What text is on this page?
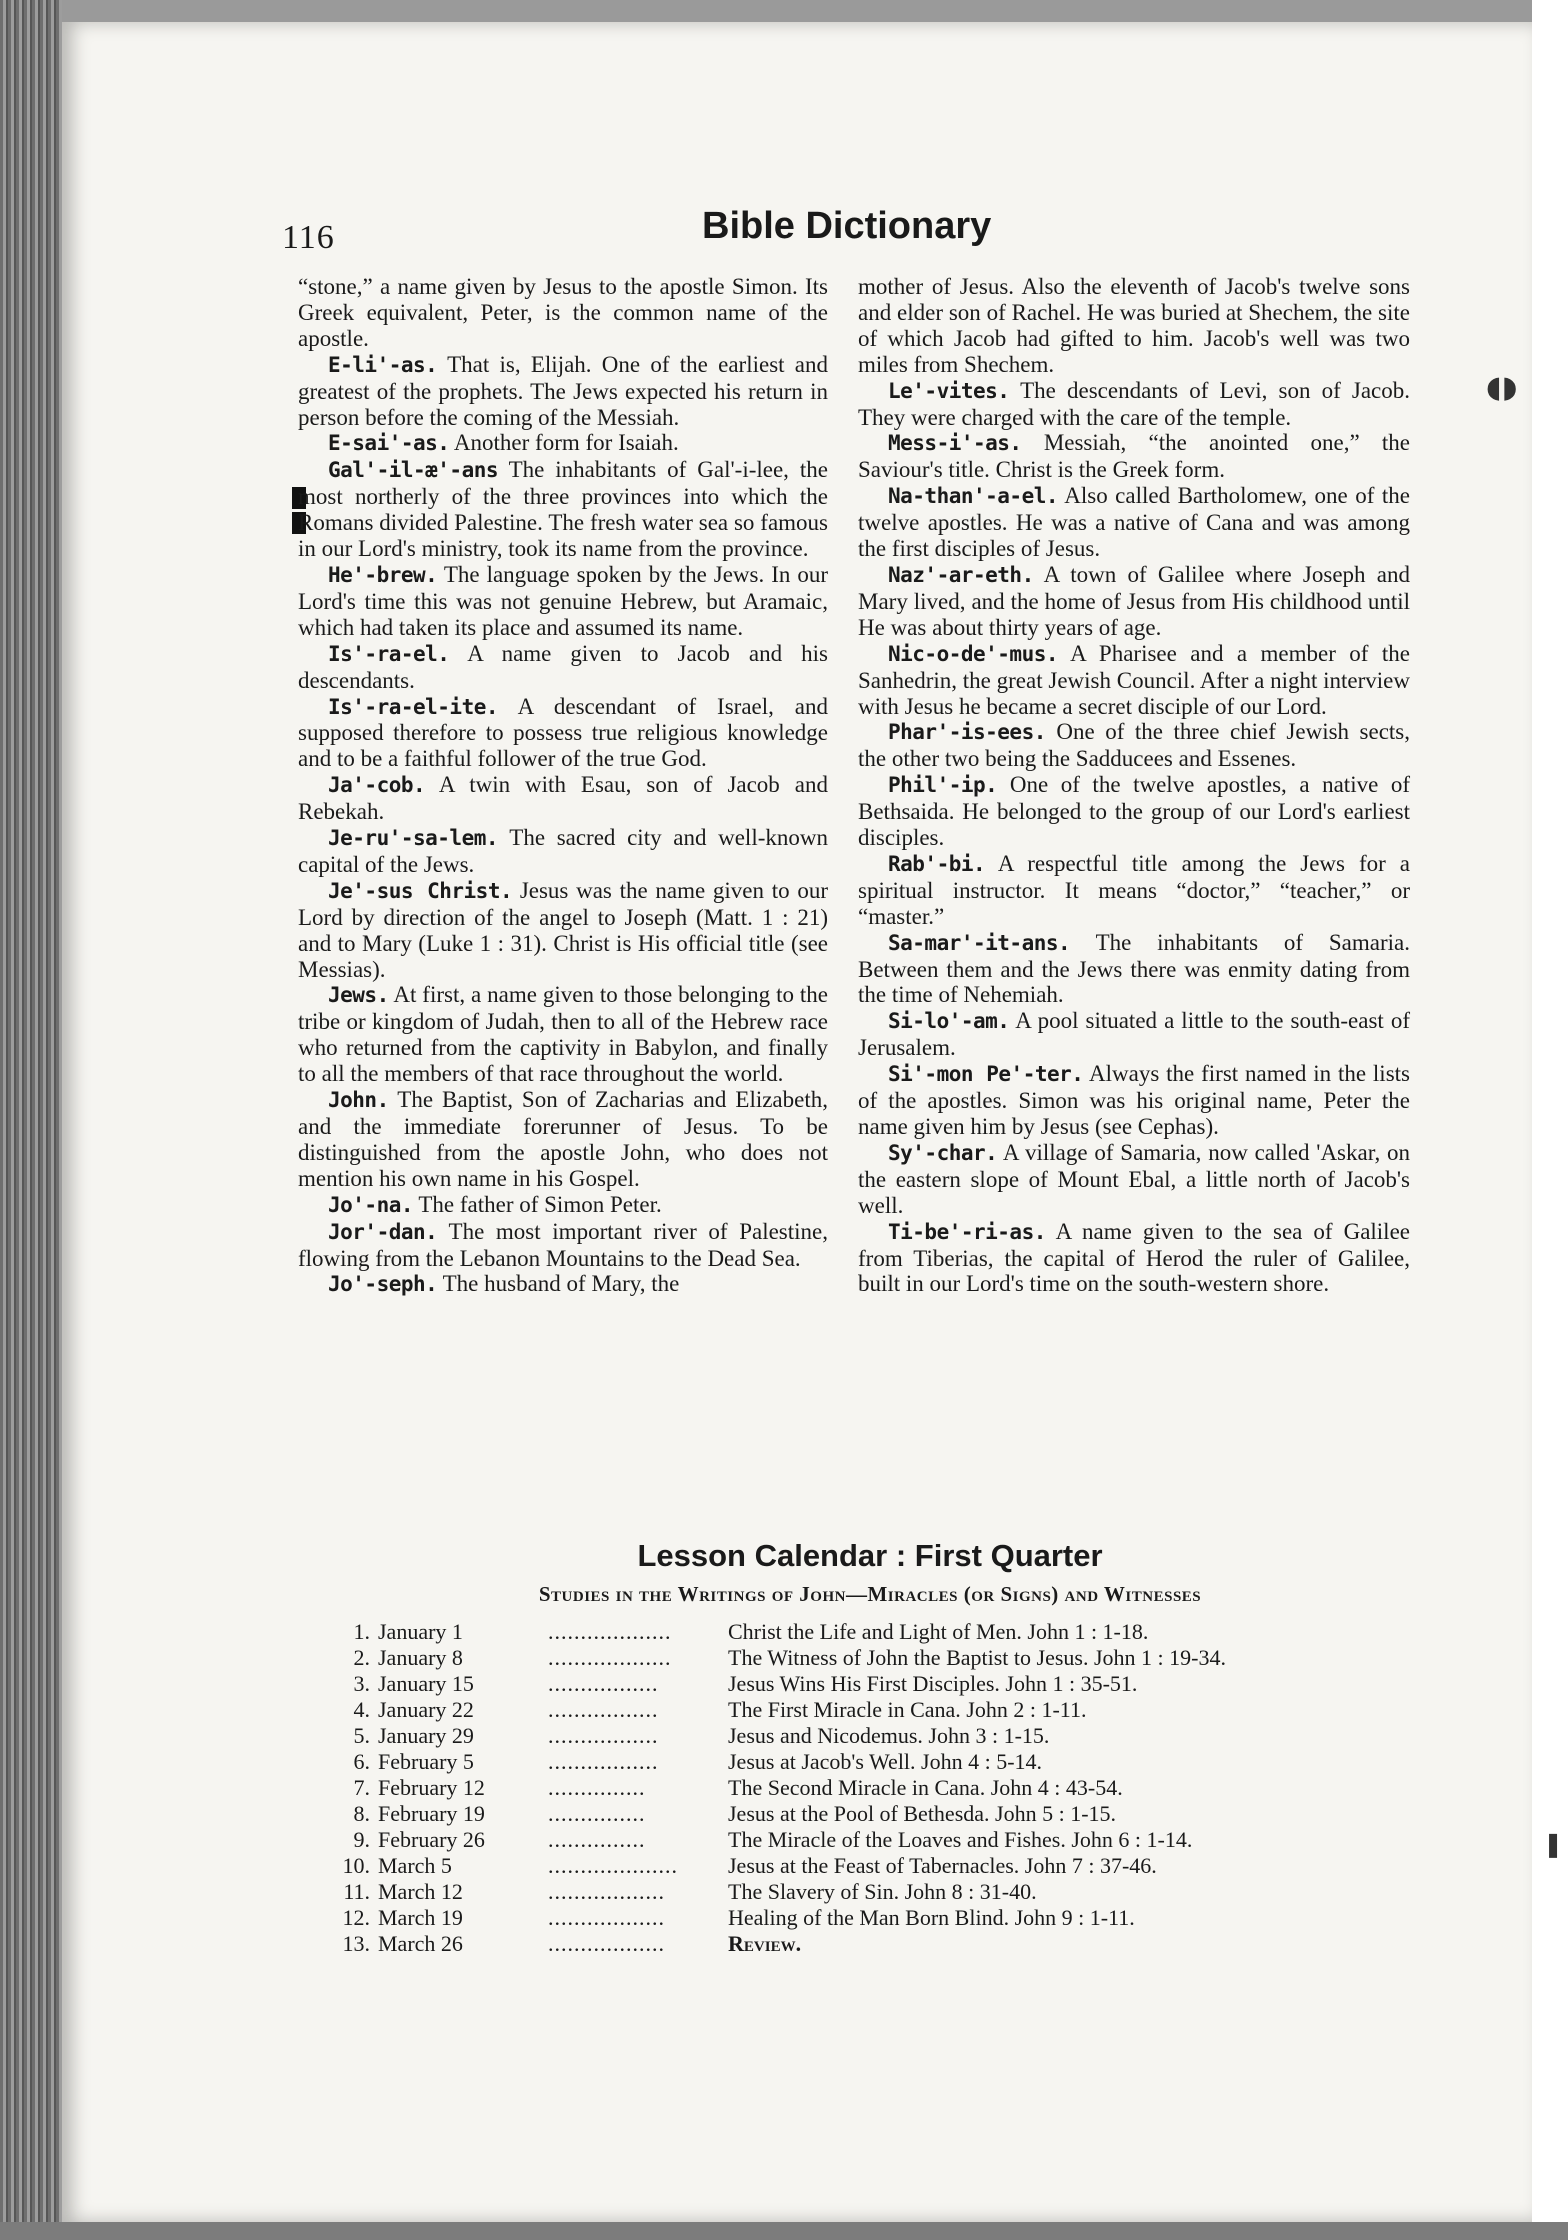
116	Bible Dictionary
◖◗
❚

“stone,” a name given by Jesus to the apostle Simon. Its Greek equivalent, Peter, is the common name of the apostle.

E-li'-as. That is, Elijah. One of the earliest and greatest of the prophets. The Jews expected his return in person before the coming of the Messiah.

E-sai'-as. Another form for Isaiah.

Gal'-il-æ'-ans The inhabitants of Gal'-i-lee, the most northerly of the three provinces into which the Romans divided Palestine. The fresh water sea so famous in our Lord's ministry, took its name from the province.

He'-brew. The language spoken by the Jews. In our Lord's time this was not genuine Hebrew, but Aramaic, which had taken its place and assumed its name.

Is'-ra-el. A name given to Jacob and his descendants.

Is'-ra-el-ite. A descendant of Israel, and supposed therefore to possess true religious knowledge and to be a faithful follower of the true God.

Ja'-cob. A twin with Esau, son of Jacob and Rebekah.

Je-ru'-sa-lem. The sacred city and well-known capital of the Jews.

Je'-sus Christ. Jesus was the name given to our Lord by direction of the angel to Joseph (Matt. 1 : 21) and to Mary (Luke 1 : 31). Christ is His official title (see Messias).

Jews. At first, a name given to those belonging to the tribe or kingdom of Judah, then to all of the Hebrew race who returned from the captivity in Babylon, and finally to all the members of that race throughout the world.

John. The Baptist, Son of Zacharias and Elizabeth, and the immediate forerunner of Jesus. To be distinguished from the apostle John, who does not mention his own name in his Gospel.

Jo'-na. The father of Simon Peter.

Jor'-dan. The most important river of Palestine, flowing from the Lebanon Mountains to the Dead Sea.

Jo'-seph. The husband of Mary, the

mother of Jesus. Also the eleventh of Jacob's twelve sons and elder son of Rachel. He was buried at Shechem, the site of which Jacob had gifted to him. Jacob's well was two miles from Shechem.

Le'-vites. The descendants of Levi, son of Jacob. They were charged with the care of the temple.

Mess-i'-as. Messiah, “the anointed one,” the Saviour's title. Christ is the Greek form.

Na-than'-a-el. Also called Bartholomew, one of the twelve apostles. He was a native of Cana and was among the first disciples of Jesus.

Naz'-ar-eth. A town of Galilee where Joseph and Mary lived, and the home of Jesus from His childhood until He was about thirty years of age.

Nic-o-de'-mus. A Pharisee and a member of the Sanhedrin, the great Jewish Council. After a night interview with Jesus he became a secret disciple of our Lord.

Phar'-is-ees. One of the three chief Jewish sects, the other two being the Sadducees and Essenes.

Phil'-ip. One of the twelve apostles, a native of Bethsaida. He belonged to the group of our Lord's earliest disciples.

Rab'-bi. A respectful title among the Jews for a spiritual instructor. It means “doctor,” “teacher,” or “master.”

Sa-mar'-it-ans. The inhabitants of Samaria. Between them and the Jews there was enmity dating from the time of Nehemiah.

Si-lo'-am. A pool situated a little to the south-east of Jerusalem.

Si'-mon Pe'-ter. Always the first named in the lists of the apostles. Simon was his original name, Peter the name given him by Jesus (see Cephas).

Sy'-char. A village of Samaria, now called 'Askar, on the eastern slope of Mount Ebal, a little north of Jacob's well.

Ti-be'-ri-as. A name given to the sea of Galilee from Tiberias, the capital of Herod the ruler of Galilee, built in our Lord's time on the south-western shore.

Lesson Calendar : First Quarter
Studies in the Writings of John—Miracles (or Signs) and Witnesses
1. January 1	...................	Christ the Life and Light of Men. John 1 : 1-18.
2. January 8	...................	The Witness of John the Baptist to Jesus. John 1 : 19-34.
3. January 15	.................	Jesus Wins His First Disciples. John 1 : 35-51.
4. January 22	.................	The First Miracle in Cana. John 2 : 1-11.
5. January 29	.................	Jesus and Nicodemus. John 3 : 1-15.
6. February 5	.................	Jesus at Jacob's Well. John 4 : 5-14.
7. February 12	...............	The Second Miracle in Cana. John 4 : 43-54.
8. February 19	...............	Jesus at the Pool of Bethesda. John 5 : 1-15.
9. February 26	...............	The Miracle of the Loaves and Fishes. John 6 : 1-14.
10. March 5	....................	Jesus at the Feast of Tabernacles. John 7 : 37-46.
11. March 12	..................	The Slavery of Sin. John 8 : 31-40.
12. March 19	..................	Healing of the Man Born Blind. John 9 : 1-11.
13. March 26	..................	Review.
